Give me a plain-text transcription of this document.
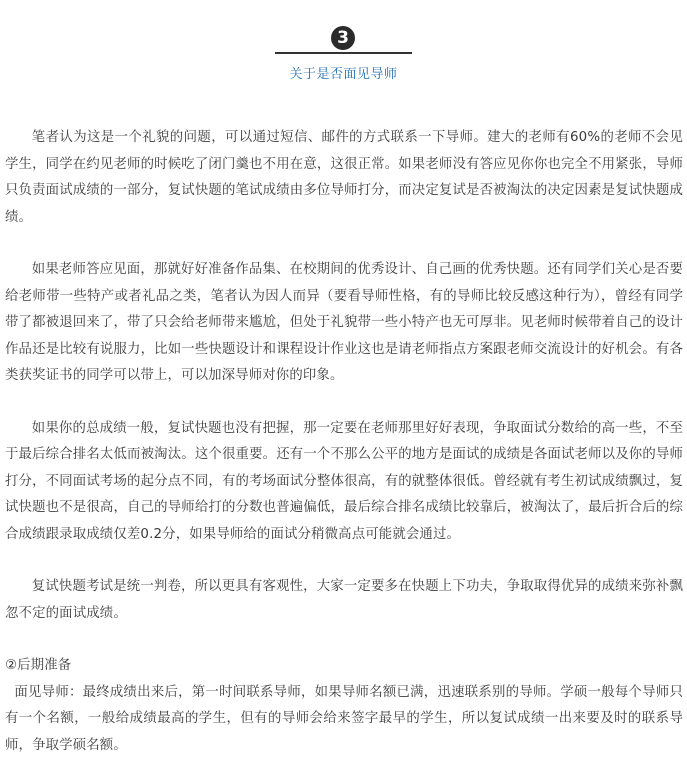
3
关于是否面见导师

笔者认为这是一个礼貌的问题，可以通过短信、邮件的方式联系一下导师。建大的老师有60%的老师不会见学生，同学在约见老师的时候吃了闭门羹也不用在意，这很正常。如果老师没有答应见你你也完全不用紧张，导师只负责面试成绩的一部分，复试快题的笔试成绩由多位导师打分，而决定复试是否被淘汰的决定因素是复试快题成绩。

如果老师答应见面，那就好好准备作品集、在校期间的优秀设计、自己画的优秀快题。还有同学们关心是否要给老师带一些特产或者礼品之类，笔者认为因人而异（要看导师性格，有的导师比较反感这种行为），曾经有同学带了都被退回来了，带了只会给老师带来尴尬，但处于礼貌带一些小特产也无可厚非。见老师时候带着自己的设计作品还是比较有说服力，比如一些快题设计和课程设计作业这也是请老师指点方案跟老师交流设计的好机会。有各类获奖证书的同学可以带上，可以加深导师对你的印象。

如果你的总成绩一般，复试快题也没有把握，那一定要在老师那里好好表现，争取面试分数给的高一些，不至于最后综合排名太低而被淘汰。这个很重要。还有一个不那么公平的地方是面试的成绩是各面试老师以及你的导师打分，不同面试考场的起分点不同，有的考场面试分整体很高，有的就整体很低。曾经就有考生初试成绩飘过，复试快题也不是很高，自己的导师给打的分数也普遍偏低，最后综合排名成绩比较靠后，被淘汰了，最后折合后的综合成绩跟录取成绩仅差0.2分，如果导师给的面试分稍微高点可能就会通过。

复试快题考试是统一判卷，所以更具有客观性，大家一定要多在快题上下功夫，争取取得优异的成绩来弥补飘忽不定的面试成绩。

②后期准备

面见导师：最终成绩出来后，第一时间联系导师，如果导师名额已满，迅速联系别的导师。学硕一般每个导师只有一个名额，一般给成绩最高的学生，但有的导师会给来签字最早的学生，所以复试成绩一出来要及时的联系导师，争取学硕名额。
